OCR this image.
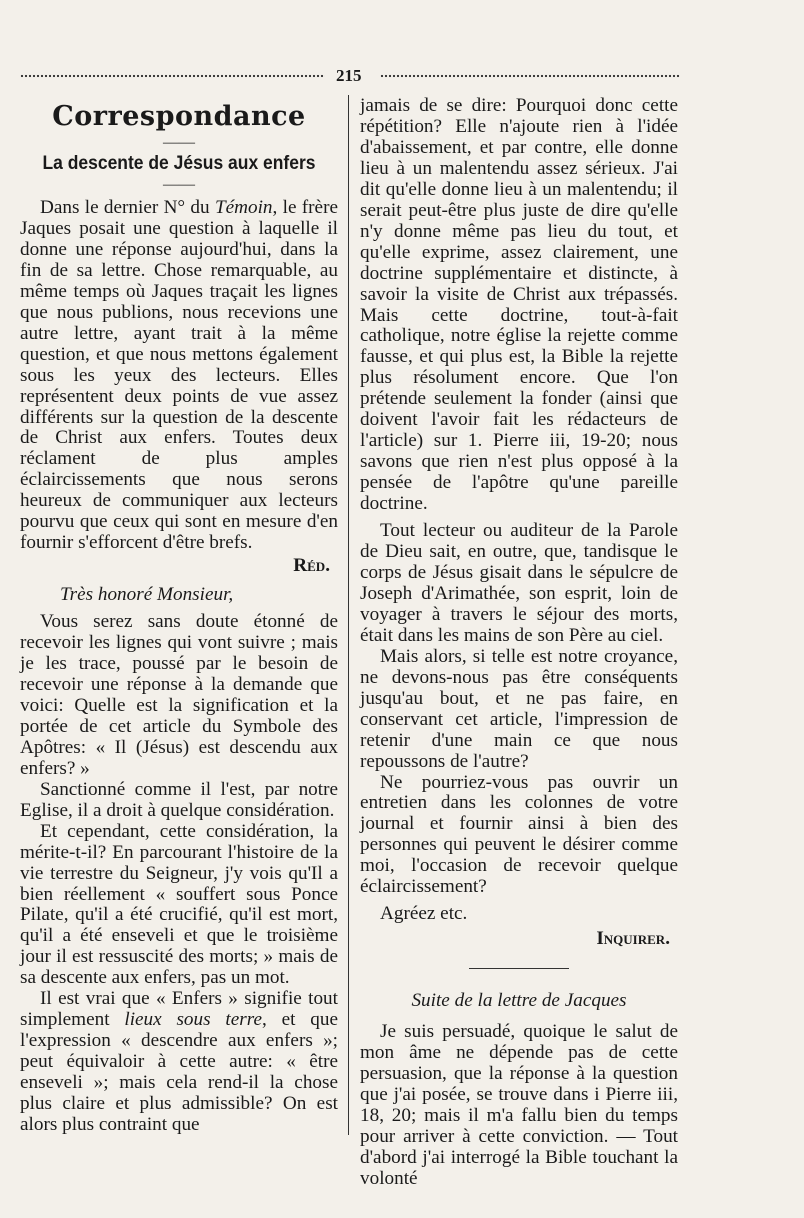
215
Correspondance
——
La descente de Jésus aux enfers
——

Dans le dernier N° du Témoin, le frère Jaques posait une question à laquelle il donne une réponse aujourd'hui, dans la fin de sa lettre. Chose remarquable, au même temps où Jaques traçait les lignes que nous publions, nous recevions une autre lettre, ayant trait à la même question, et que nous mettons également sous les yeux des lecteurs. Elles représentent deux points de vue assez différents sur la question de la descente de Christ aux enfers. Toutes deux réclament de plus amples éclaircissements que nous serons heureux de communiquer aux lecteurs pourvu que ceux qui sont en mesure d'en fournir s'efforcent d'être brefs.

Réd.
Très honoré Monsieur,

Vous serez sans doute étonné de recevoir les lignes qui vont suivre ; mais je les trace, poussé par le besoin de recevoir une réponse à la demande que voici: Quelle est la signification et la portée de cet article du Symbole des Apôtres: « Il (Jésus) est descendu aux enfers? »

Sanctionné comme il l'est, par notre Eglise, il a droit à quelque considération.

Et cependant, cette considération, la mérite-t-il? En parcourant l'histoire de la vie terrestre du Seigneur, j'y vois qu'Il a bien réellement « souffert sous Ponce Pilate, qu'il a été crucifié, qu'il est mort, qu'il a été enseveli et que le troisième jour il est ressuscité des morts; » mais de sa descente aux enfers, pas un mot.

Il est vrai que « Enfers » signifie tout simplement lieux sous terre, et que l'expression « descendre aux enfers »; peut équivaloir à cette autre: « être enseveli »; mais cela rend-il la chose plus claire et plus admissible? On est alors plus contraint que

jamais de se dire: Pourquoi donc cette répétition? Elle n'ajoute rien à l'idée d'abaissement, et par contre, elle donne lieu à un malentendu assez sérieux. J'ai dit qu'elle donne lieu à un malentendu; il serait peut-être plus juste de dire qu'elle n'y donne même pas lieu du tout, et qu'elle exprime, assez clairement, une doctrine supplémentaire et distincte, à savoir la visite de Christ aux trépassés. Mais cette doctrine, tout-à-fait catholique, notre église la rejette comme fausse, et qui plus est, la Bible la rejette plus résolument encore. Que l'on prétende seulement la fonder (ainsi que doivent l'avoir fait les rédacteurs de l'article) sur 1. Pierre iii, 19-20; nous savons que rien n'est plus opposé à la pensée de l'apôtre qu'une pareille doctrine.

Tout lecteur ou auditeur de la Parole de Dieu sait, en outre, que, tandisque le corps de Jésus gisait dans le sépulcre de Joseph d'Arimathée, son esprit, loin de voyager à travers le séjour des morts, était dans les mains de son Père au ciel.

Mais alors, si telle est notre croyance, ne devons-nous pas être conséquents jusqu'au bout, et ne pas faire, en conservant cet article, l'impression de retenir d'une main ce que nous repoussons de l'autre?

Ne pourriez-vous pas ouvrir un entretien dans les colonnes de votre journal et fournir ainsi à bien des personnes qui peuvent le désirer comme moi, l'occasion de recevoir quelque éclaircissement?

Agréez etc.

Inquirer.
Suite de la lettre de Jacques

Je suis persuadé, quoique le salut de mon âme ne dépende pas de cette persuasion, que la réponse à la question que j'ai posée, se trouve dans i Pierre iii, 18, 20; mais il m'a fallu bien du temps pour arriver à cette conviction. — Tout d'abord j'ai interrogé la Bible touchant la volonté
